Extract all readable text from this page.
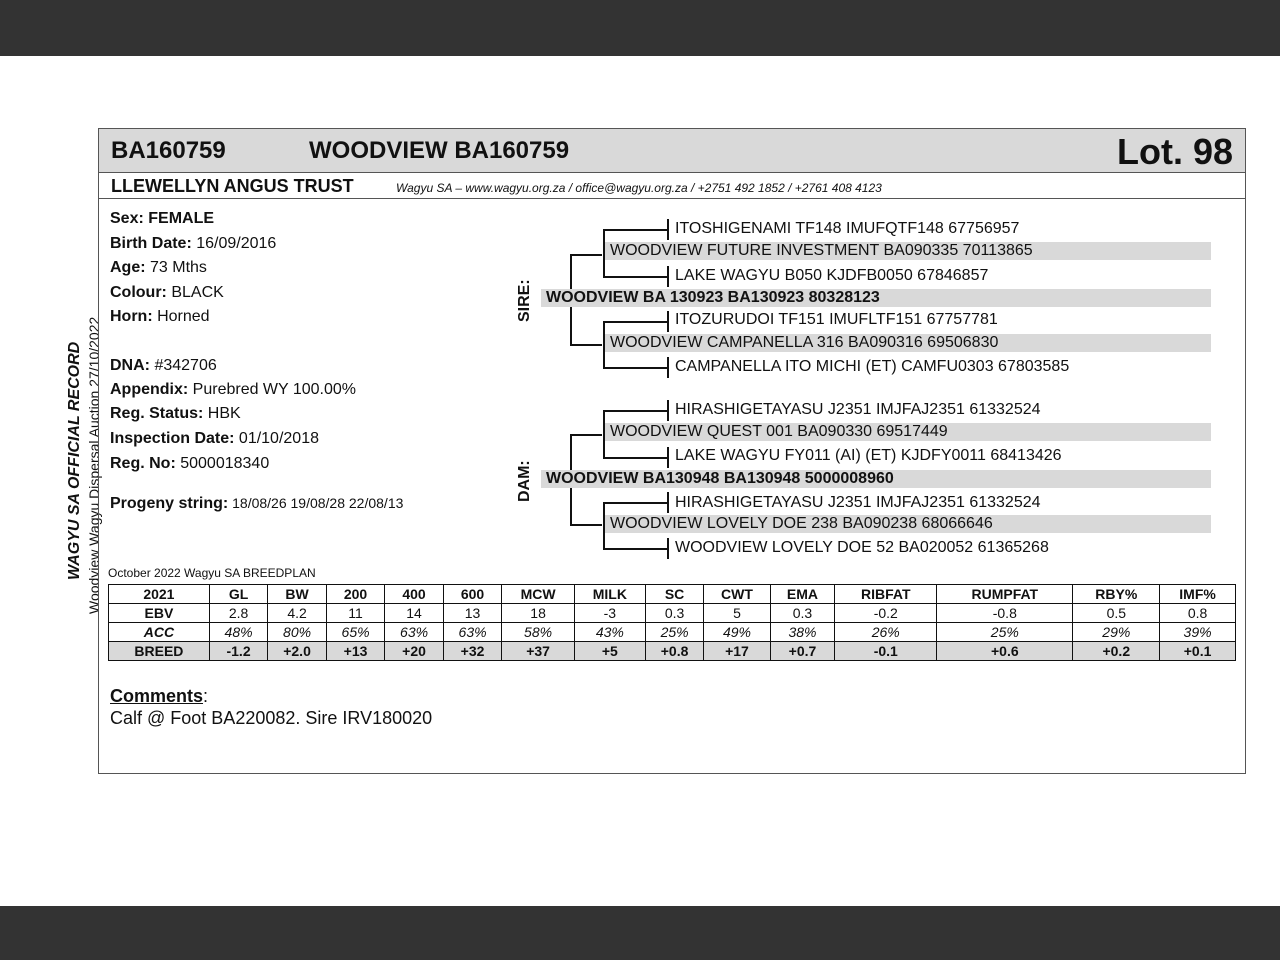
WAGYU SA OFFICIAL RECORD Woodview Wagyu Dispersal Auction 27/10/2022
BA160759	WOODVIEW BA160759	Lot. 98
LLEWELLYN ANGUS TRUST	Wagyu SA – www.wagyu.org.za / office@wagyu.org.za / +2751 492 1852 / +2761 408 4123
Sex: FEMALE
Birth Date: 16/09/2016
Age: 73 Mths
Colour: BLACK
Horn: Horned
DNA: #342706
Appendix: Purebred WY 100.00%
Reg. Status: HBK
Inspection Date: 01/10/2018
Reg. No: 5000018340
Progeny string: 18/08/26 19/08/28 22/08/13
SIRE:
DAM:
ITOSHIGENAMI TF148 IMUFQTF148 67756957
WOODVIEW FUTURE INVESTMENT BA090335 70113865
LAKE WAGYU B050 KJDFB0050 67846857
WOODVIEW BA 130923 BA130923 80328123
ITOZURUDOI TF151 IMUFLTF151 67757781
WOODVIEW CAMPANELLA 316 BA090316 69506830
CAMPANELLA ITO MICHI (ET) CAMFU0303 67803585
HIRASHIGETAYASU J2351 IMJFAJ2351 61332524
WOODVIEW QUEST 001 BA090330 69517449
LAKE WAGYU FY011 (AI) (ET) KJDFY0011 68413426
WOODVIEW BA130948 BA130948 5000008960
HIRASHIGETAYASU J2351 IMJFAJ2351 61332524
WOODVIEW LOVELY DOE 238 BA090238 68066646
WOODVIEW LOVELY DOE 52 BA020052 61365268
October 2022 Wagyu SA BREEDPLAN
2021	GL	BW	200	400	600	MCW	MILK	SC	CWT	EMA	RIBFAT	RUMPFAT	RBY%	IMF%
EBV	2.8	4.2	11	14	13	18	-3	0.3	5	0.3	-0.2	-0.8	0.5	0.8
ACC	48%	80%	65%	63%	63%	58%	43%	25%	49%	38%	26%	25%	29%	39%
BREED	-1.2	+2.0	+13	+20	+32	+37	+5	+0.8	+17	+0.7	-0.1	+0.6	+0.2	+0.1
Comments:
Calf @ Foot BA220082. Sire IRV180020
